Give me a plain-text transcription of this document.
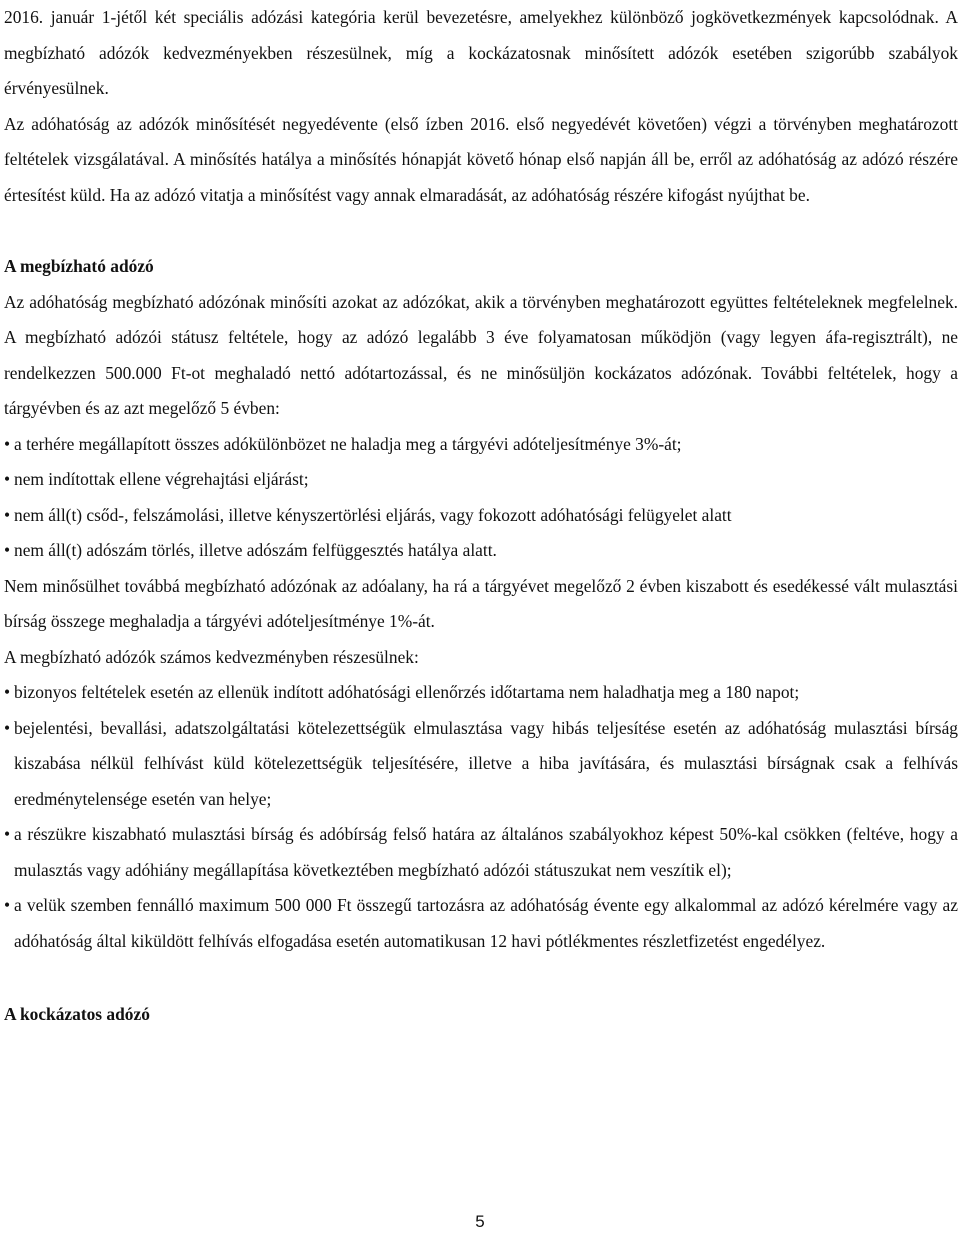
2016. január 1-jétől két speciális adózási kategória kerül bevezetésre, amelyekhez különböző jogkövetkezmények kapcsolódnak. A megbízható adózók kedvezményekben részesülnek, míg a kockázatosnak minősített adózók esetében szigorúbb szabályok érvényesülnek.

Az adóhatóság az adózók minősítését negyedévente (első ízben 2016. első negyedévét követően) végzi a törvényben meghatározott feltételek vizsgálatával. A minősítés hatálya a minősítés hónapját követő hónap első napján áll be, erről az adóhatóság az adózó részére értesítést küld. Ha az adózó vitatja a minősítést vagy annak elmaradását, az adóhatóság részére kifogást nyújthat be.

A megbízható adózó

Az adóhatóság megbízható adózónak minősíti azokat az adózókat, akik a törvényben meghatározott együttes feltételeknek megfelelnek. A megbízható adózói státusz feltétele, hogy az adózó legalább 3 éve folyamatosan működjön (vagy legyen áfa-regisztrált), ne rendelkezzen 500.000 Ft-ot meghaladó nettó adótartozással, és ne minősüljön kockázatos adózónak. További feltételek, hogy a tárgyévben és az azt megelőző 5 évben:

• a terhére megállapított összes adókülönbözet ne haladja meg a tárgyévi adóteljesítménye 3%-át;

• nem indítottak ellene végrehajtási eljárást;

• nem áll(t) csőd-, felszámolási, illetve kényszertörlési eljárás, vagy fokozott adóhatósági felügyelet alatt

• nem áll(t) adószám törlés, illetve adószám felfüggesztés hatálya alatt.

Nem minősülhet továbbá megbízható adózónak az adóalany, ha rá a tárgyévet megelőző 2 évben kiszabott és esedékessé vált mulasztási bírság összege meghaladja a tárgyévi adóteljesítménye 1%-át.

A megbízható adózók számos kedvezményben részesülnek:

• bizonyos feltételek esetén az ellenük indított adóhatósági ellenőrzés időtartama nem haladhatja meg a 180 napot;

• bejelentési, bevallási, adatszolgáltatási kötelezettségük elmulasztása vagy hibás teljesítése esetén az adóhatóság mulasztási bírság kiszabása nélkül felhívást küld kötelezettségük teljesítésére, illetve a hiba javítására, és mulasztási bírságnak csak a felhívás eredménytelensége esetén van helye;

• a részükre kiszabható mulasztási bírság és adóbírság felső határa az általános szabályokhoz képest 50%-kal csökken (feltéve, hogy a mulasztás vagy adóhiány megállapítása következtében megbízható adózói státuszukat nem veszítik el);

• a velük szemben fennálló maximum 500 000 Ft összegű tartozásra az adóhatóság évente egy alkalommal az adózó kérelmére vagy az adóhatóság által kiküldött felhívás elfogadása esetén automatikusan 12 havi pótlékmentes részletfizetést engedélyez.

A kockázatos adózó

5
